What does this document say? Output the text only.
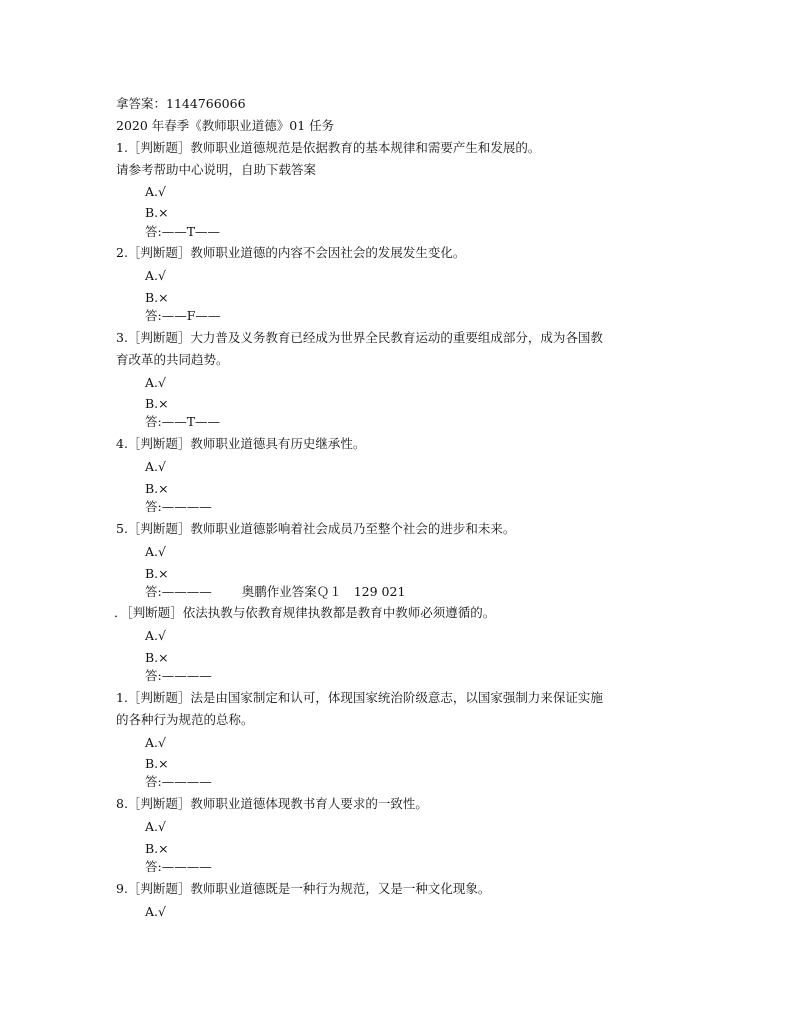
拿答案：1144766066
2020 年春季《教师职业道德》01 任务
1.［判断题］教师职业道德规范是依据教育的基本规律和需要产生和发展的。
请参考帮助中心说明，自助下载答案
A.√
B.×
答:——T——
2.［判断题］教师职业道德的内容不会因社会的发展发生变化。
A.√
B.×
答:——F——
3.［判断题］大力普及义务教育已经成为世界全民教育运动的重要组成部分，成为各国教
育改革的共同趋势。
A.√
B.×
答:——T——
4.［判断题］教师职业道德具有历史继承性。
A.√
B.×
答:————
5.［判断题］教师职业道德影响着社会成员乃至整个社会的进步和未来。
A.√
B.×
答:———— 奥鹏作业答案Ｑ１ 129 021
．［判断题］依法执教与依教育规律执教都是教育中教师必须遵循的。
A.√
B.×
答:————
1.［判断题］法是由国家制定和认可，体现国家统治阶级意志，以国家强制力来保证实施
的各种行为规范的总称。
A.√
B.×
答:————
8.［判断题］教师职业道德体现教书育人要求的一致性。
A.√
B.×
答:————
9.［判断题］教师职业道德既是一种行为规范，又是一种文化现象。
A.√
